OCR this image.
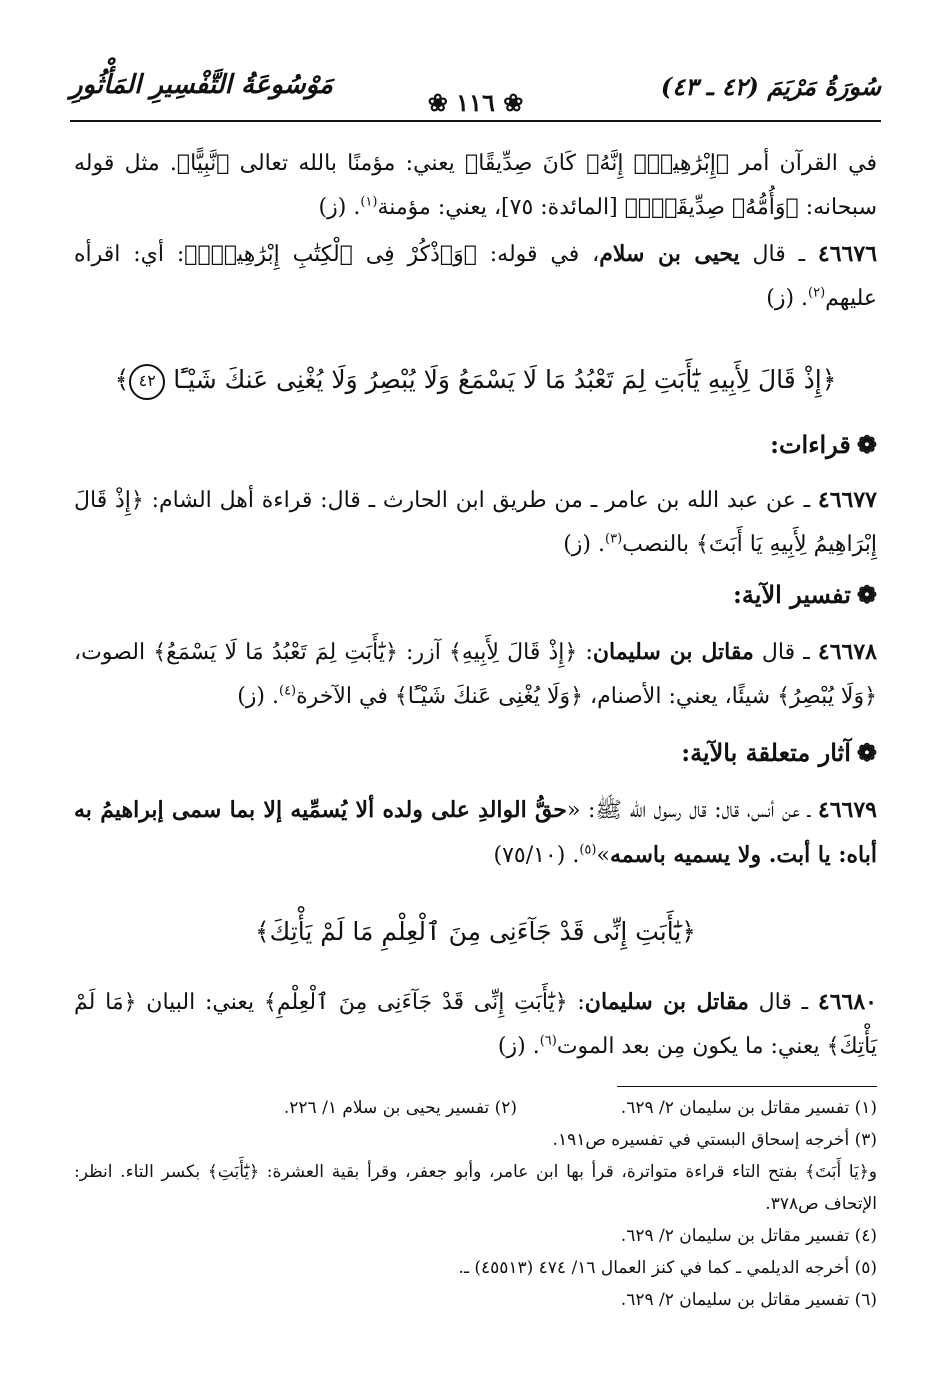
سُورَةُ مَرْيَمَ (٤٢ ـ ٤٣)
❀ ١١٦ ❀
مَوْسُوعَةُ التَّفْسِيرِ المَأْثُورِ
في القرآن أمر ﴿إِبْرَٰهِيمَۚ إِنَّهُۥ كَانَ صِدِّيقًا﴾ يعني: مؤمنًا بالله تعالى ﴿نَّبِيًّا﴾. مثل قوله سبحانه: ﴿وَأُمُّهُۥ صِدِّيقَةٌۖ﴾ [المائدة: ٧٥]، يعني: مؤمنة$^{(١)}$. (ز)
٤٦٦٧٦ ـ قال يحيى بن سلام، في قوله: ﴿وَٱذْكُرْ فِى ٱلْكِتَٰبِ إِبْرَٰهِيمَۚ﴾: أي: اقرأه عليهم$^{(٢)}$. (ز)
﴿إِذْ قَالَ لِأَبِيهِ يَٰٓأَبَتِ لِمَ تَعْبُدُ مَا لَا يَسْمَعُ وَلَا يُبْصِرُ وَلَا يُغْنِى عَنكَ شَيْـًٔا ٤٢﴾
❁قراءات:
٤٦٦٧٧ ـ عن عبد الله بن عامر ـ من طريق ابن الحارث ـ قال: قراءة أهل الشام: ﴿إِذْ قَالَ إِبْرَاهِيمُ لِأَبِيهِ يَا أَبَتَ﴾ بالنصب$^{(٣)}$. (ز)
❁تفسير الآية:
٤٦٦٧٨ ـ قال مقاتل بن سليمان: ﴿إِذْ قَالَ لِأَبِيهِ﴾ آزر: ﴿يَٰٓأَبَتِ لِمَ تَعْبُدُ مَا لَا يَسْمَعُ﴾ الصوت، ﴿وَلَا يُبْصِرُ﴾ شيئًا، يعني: الأصنام، ﴿وَلَا يُغْنِى عَنكَ شَيْـًٔا﴾ في الآخرة$^{(٤)}$. (ز)
❁آثار متعلقة بالآية:
٤٦٦٧٩ ـ عن أنس، قال: قال رسول الله ﷺ: «حقُّ الوالدِ على ولده ألا يُسمِّيه إلا بما سمى إبراهيمُ به أباه: يا أبت. ولا يسميه باسمه»$^{(٥)}$. (٧٥/١٠)
﴿يَٰٓأَبَتِ إِنِّى قَدْ جَآءَنِى مِنَ ٱلْعِلْمِ مَا لَمْ يَأْتِكَ﴾
٤٦٦٨٠ ـ قال مقاتل بن سليمان: ﴿يَٰٓأَبَتِ إِنِّى قَدْ جَآءَنِى مِنَ ٱلْعِلْمِ﴾ يعني: البيان ﴿مَا لَمْ يَأْتِكَ﴾ يعني: ما يكون مِن بعد الموت$^{(٦)}$. (ز)
(١) تفسير مقاتل بن سليمان ٢/ ٦٢٩.
(٢) تفسير يحيى بن سلام ١/ ٢٢٦.
(٣) أخرجه إسحاق البستي في تفسيره ص١٩١.
و﴿يَا أَبَتَ﴾ بفتح التاء قراءة متواترة، قرأ بها ابن عامر، وأبو جعفر، وقرأ بقية العشرة: ﴿يَٰٓأَبَتِ﴾ بكسر التاء. انظر: الإتحاف ص٣٧٨.
(٤) تفسير مقاتل بن سليمان ٢/ ٦٢٩.
(٥) أخرجه الديلمي ـ كما في كنز العمال ١٦/ ٤٧٤ (٤٥٥١٣) ـ.
(٦) تفسير مقاتل بن سليمان ٢/ ٦٢٩.
